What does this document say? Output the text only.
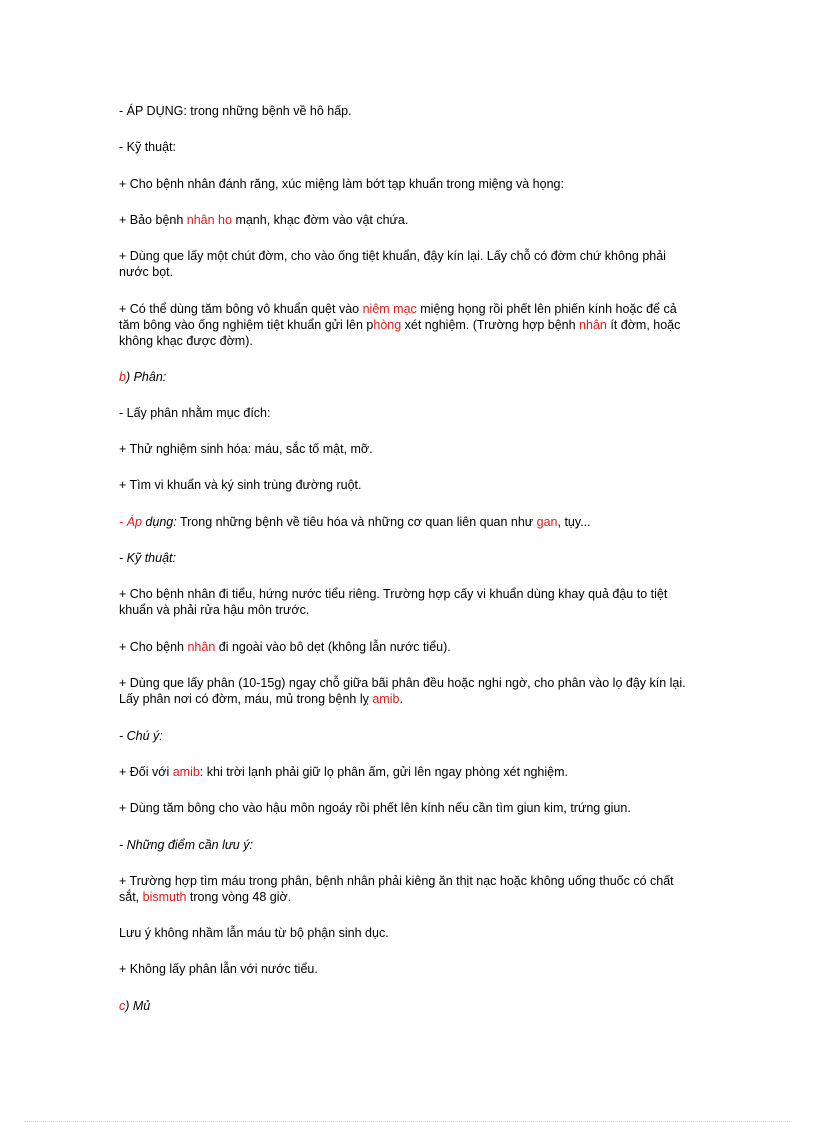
- ÁP DỤNG: trong những bệnh về hô hấp.

- Kỹ thuật:

+ Cho bệnh nhân đánh răng, xúc miệng làm bớt tạp khuẩn trong miệng và họng:

+ Bảo bệnh nhân ho mạnh, khạc đờm vào vật chứa.

+ Dùng que lấy một chút đờm, cho vào ống tiệt khuẩn, đậy kín lại. Lấy chỗ có đờm chứ không phải nước bọt.

+ Có thể dùng tăm bông vô khuẩn quệt vào niêm mạc miệng họng rồi phết lên phiến kính hoặc để cả tăm bông vào ống nghiệm tiệt khuẩn gửi lên phòng xét nghiệm. (Trường hợp bệnh nhân ít đờm, hoặc không khạc được đờm).

b) Phân:

- Lấy phân nhằm mục đích:

+ Thử nghiệm sinh hóa: máu, sắc tố mật, mỡ.

+ Tìm vi khuẩn và ký sinh trùng đường ruột.

- Áp dụng: Trong những bệnh về tiêu hóa và những cơ quan liên quan như gan, tụy...

- Kỹ thuật:

+ Cho bệnh nhân đi tiểu, hứng nước tiểu riêng. Trường hợp cấy vi khuẩn dùng khay quả đậu to tiệt khuẩn và phải rửa hậu môn trước.

+ Cho bệnh nhân đi ngoài vào bô dẹt (không lẫn nước tiểu).

+ Dùng que lấy phân (10-15g) ngay chỗ giữa bãi phân đều hoặc nghi ngờ, cho phân vào lọ đậy kín lại. Lấy phân nơi có đờm, máu, mủ trong bệnh lỵ amib.

- Chú ý:

+ Đối với amib: khi trời lạnh phải giữ lọ phân ấm, gửi lên ngay phòng xét nghiệm.

+ Dùng tăm bông cho vào hậu môn ngoáy rồi phết lên kính nếu cần tìm giun kim, trứng giun.

- Những điểm cần lưu ý:

+ Trường hợp tìm máu trong phân, bệnh nhân phải kiêng ăn thịt nạc hoặc không uống thuốc có chất sắt, bismuth trong vòng 48 giờ.

Lưu ý không nhầm lẫn máu từ bộ phận sinh dục.

+ Không lấy phân lẫn với nước tiểu.

c) Mủ
